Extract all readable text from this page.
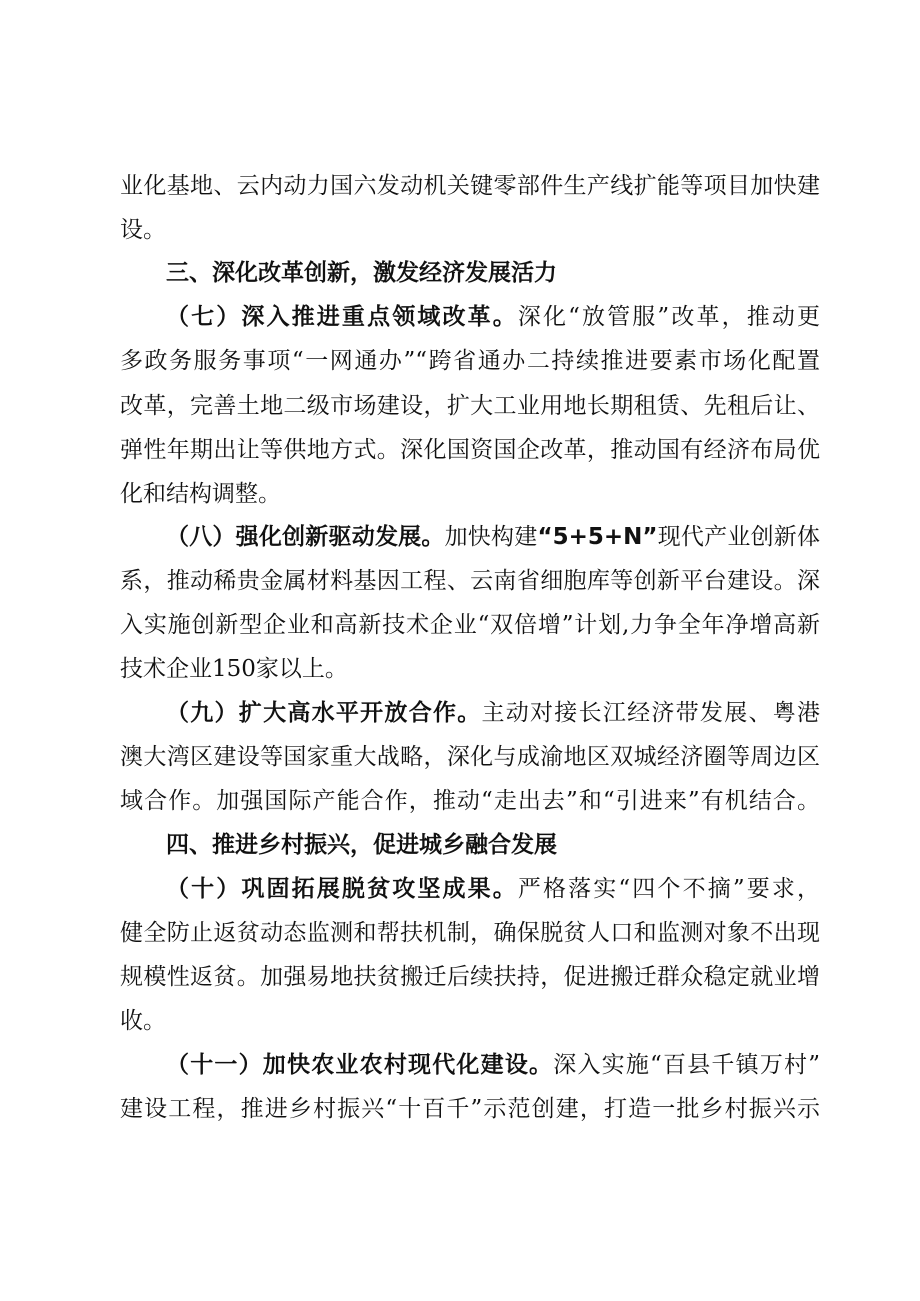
业化基地、云内动力国六发动机关键零部件生产线扩能等项目加快建
设。
三、深化改革创新，激发经济发展活力
（七）深入推进重点领域改革。深化“放管服”改革，推动更
多政务服务事项“一网通办”“跨省通办二持续推进要素市场化配置
改革，完善土地二级市场建设，扩大工业用地长期租赁、先租后让、
弹性年期出让等供地方式。深化国资国企改革，推动国有经济布局优
化和结构调整。
（八）强化创新驱动发展。加快构建“5+5+N”现代产业创新体
系，推动稀贵金属材料基因工程、云南省细胞库等创新平台建设。深
入实施创新型企业和高新技术企业“双倍增”计划,力争全年净增高新
技术企业150家以上。
（九）扩大高水平开放合作。主动对接长江经济带发展、粤港
澳大湾区建设等国家重大战略，深化与成渝地区双城经济圈等周边区
域合作。加强国际产能合作，推动“走出去”和“引进来”有机结合。
四、推进乡村振兴，促进城乡融合发展
（十）巩固拓展脱贫攻坚成果。严格落实“四个不摘”要求，
健全防止返贫动态监测和帮扶机制，确保脱贫人口和监测对象不出现
规模性返贫。加强易地扶贫搬迁后续扶持，促进搬迁群众稳定就业增
收。
（十一）加快农业农村现代化建设。深入实施“百县千镇万村”
建设工程，推进乡村振兴“十百千”示范创建，打造一批乡村振兴示
